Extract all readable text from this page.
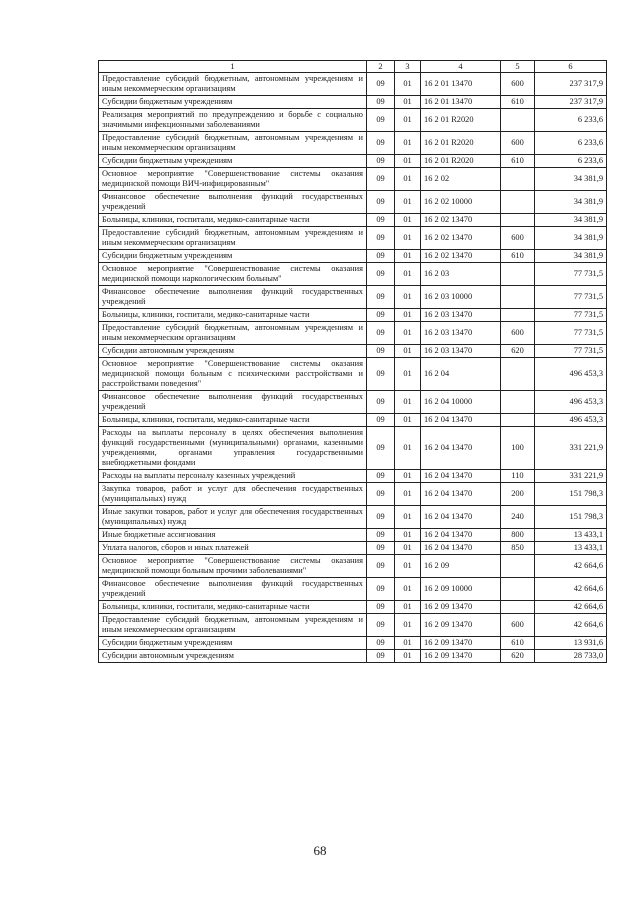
1	2	3	4	5	6
Предоставление субсидий бюджетным, автономным учреждениям и иным некоммерческим организациям	09	01	16 2 01 13470	600	237 317,9
Субсидии бюджетным учреждениям	09	01	16 2 01 13470	610	237 317,9
Реализация мероприятий по предупреждению и борьбе с социально значимыми инфекционными заболеваниями	09	01	16 2 01 R2020		6 233,6
Предоставление субсидий бюджетным, автономным учреждениям и иным некоммерческим организациям	09	01	16 2 01 R2020	600	6 233,6
Субсидии бюджетным учреждениям	09	01	16 2 01 R2020	610	6 233,6
Основное мероприятие "Совершенствование системы оказания медицинской помощи ВИЧ-инфицированным"	09	01	16 2 02		34 381,9
Финансовое обеспечение выполнения функций государственных учреждений	09	01	16 2 02 10000		34 381,9
Больницы, клиники, госпитали, медико-санитарные части	09	01	16 2 02 13470		34 381,9
Предоставление субсидий бюджетным, автономным учреждениям и иным некоммерческим организациям	09	01	16 2 02 13470	600	34 381,9
Субсидии бюджетным учреждениям	09	01	16 2 02 13470	610	34 381,9
Основное мероприятие "Совершенствование системы оказания медицинской помощи наркологическим больным"	09	01	16 2 03		77 731,5
Финансовое обеспечение выполнения функций государственных учреждений	09	01	16 2 03 10000		77 731,5
Больницы, клиники, госпитали, медико-санитарные части	09	01	16 2 03 13470		77 731,5
Предоставление субсидий бюджетным, автономным учреждениям и иным некоммерческим организациям	09	01	16 2 03 13470	600	77 731,5
Субсидии автономным учреждениям	09	01	16 2 03 13470	620	77 731,5
Основное мероприятие "Совершенствование системы оказания медицинской помощи больным с психическими расстройствами и расстройствами поведения"	09	01	16 2 04		496 453,3
Финансовое обеспечение выполнения функций государственных учреждений	09	01	16 2 04 10000		496 453,3
Больницы, клиники, госпитали, медико-санитарные части	09	01	16 2 04 13470		496 453,3
Расходы на выплаты персоналу в целях обеспечения выполнения функций государственными (муниципальными) органами, казенными учреждениями, органами управления государственными внебюджетными фондами	09	01	16 2 04 13470	100	331 221,9
Расходы на выплаты персоналу казенных учреждений	09	01	16 2 04 13470	110	331 221,9
Закупка товаров, работ и услуг для обеспечения государственных (муниципальных) нужд	09	01	16 2 04 13470	200	151 798,3
Иные закупки товаров, работ и услуг для обеспечения государственных (муниципальных) нужд	09	01	16 2 04 13470	240	151 798,3
Иные бюджетные ассигнования	09	01	16 2 04 13470	800	13 433,1
Уплата налогов, сборов и иных платежей	09	01	16 2 04 13470	850	13 433,1
Основное мероприятие "Совершенствование системы оказания медицинской помощи больным прочими заболеваниями"	09	01	16 2 09		42 664,6
Финансовое обеспечение выполнения функций государственных учреждений	09	01	16 2 09 10000		42 664,6
Больницы, клиники, госпитали, медико-санитарные части	09	01	16 2 09 13470		42 664,6
Предоставление субсидий бюджетным, автономным учреждениям и иным некоммерческим организациям	09	01	16 2 09 13470	600	42 664,6
Субсидии бюджетным учреждениям	09	01	16 2 09 13470	610	13 931,6
Субсидии автономным учреждениям	09	01	16 2 09 13470	620	28 733,0
68
